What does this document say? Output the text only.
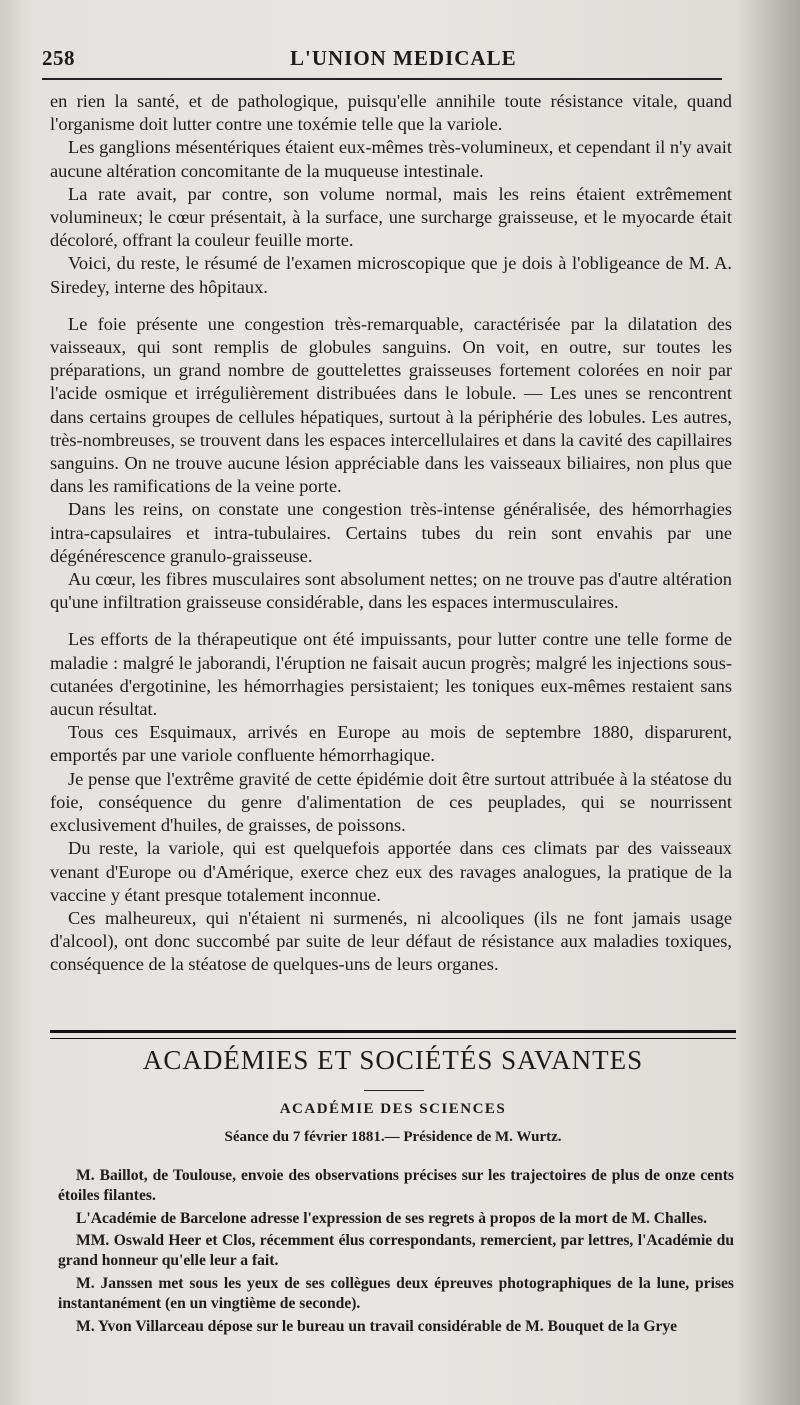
258	L'UNION MEDICALE

en rien la santé, et de pathologique, puisqu'elle annihile toute résistance vitale, quand l'organisme doit lutter contre une toxémie telle que la variole.

Les ganglions mésentériques étaient eux-mêmes très-volumineux, et cependant il n'y avait aucune altération concomitante de la muqueuse intestinale.

La rate avait, par contre, son volume normal, mais les reins étaient extrêmement volumineux; le cœur présentait, à la surface, une surcharge graisseuse, et le myocarde était décoloré, offrant la couleur feuille morte.

Voici, du reste, le résumé de l'examen microscopique que je dois à l'obligeance de M. A. Siredey, interne des hôpitaux.

Le foie présente une congestion très-remarquable, caractérisée par la dilatation des vaisseaux, qui sont remplis de globules sanguins. On voit, en outre, sur toutes les préparations, un grand nombre de gouttelettes graisseuses fortement colorées en noir par l'acide osmique et irrégulièrement distribuées dans le lobule. — Les unes se rencontrent dans certains groupes de cellules hépatiques, surtout à la périphérie des lobules. Les autres, très-nombreuses, se trouvent dans les espaces intercellulaires et dans la cavité des capillaires sanguins. On ne trouve aucune lésion appréciable dans les vaisseaux biliaires, non plus que dans les ramifications de la veine porte.

Dans les reins, on constate une congestion très-intense généralisée, des hémorrhagies intra-capsulaires et intra-tubulaires. Certains tubes du rein sont envahis par une dégénérescence granulo-graisseuse.

Au cœur, les fibres musculaires sont absolument nettes; on ne trouve pas d'autre altération qu'une infiltration graisseuse considérable, dans les espaces intermusculaires.

Les efforts de la thérapeutique ont été impuissants, pour lutter contre une telle forme de maladie : malgré le jaborandi, l'éruption ne faisait aucun progrès; malgré les injections sous-cutanées d'ergotinine, les hémorrhagies persistaient; les toniques eux-mêmes restaient sans aucun résultat.

Tous ces Esquimaux, arrivés en Europe au mois de septembre 1880, disparurent, emportés par une variole confluente hémorrhagique.

Je pense que l'extrême gravité de cette épidémie doit être surtout attribuée à la stéatose du foie, conséquence du genre d'alimentation de ces peuplades, qui se nourrissent exclusivement d'huiles, de graisses, de poissons.

Du reste, la variole, qui est quelquefois apportée dans ces climats par des vaisseaux venant d'Europe ou d'Amérique, exerce chez eux des ravages analogues, la pratique de la vaccine y étant presque totalement inconnue.

Ces malheureux, qui n'étaient ni surmenés, ni alcooliques (ils ne font jamais usage d'alcool), ont donc succombé par suite de leur défaut de résistance aux maladies toxiques, conséquence de la stéatose de quelques-uns de leurs organes.

ACADÉMIES ET SOCIÉTÉS SAVANTES
ACADÉMIE DES SCIENCES
Séance du 7 février 1881.— Présidence de M. Wurtz.

M. Baillot, de Toulouse, envoie des observations précises sur les trajectoires de plus de onze cents étoiles filantes.

L'Académie de Barcelone adresse l'expression de ses regrets à propos de la mort de M. Challes.

MM. Oswald Heer et Clos, récemment élus correspondants, remercient, par lettres, l'Académie du grand honneur qu'elle leur a fait.

M. Janssen met sous les yeux de ses collègues deux épreuves photographiques de la lune, prises instantanément (en un vingtième de seconde).

M. Yvon Villarceau dépose sur le bureau un travail considérable de M. Bouquet de la Grye
